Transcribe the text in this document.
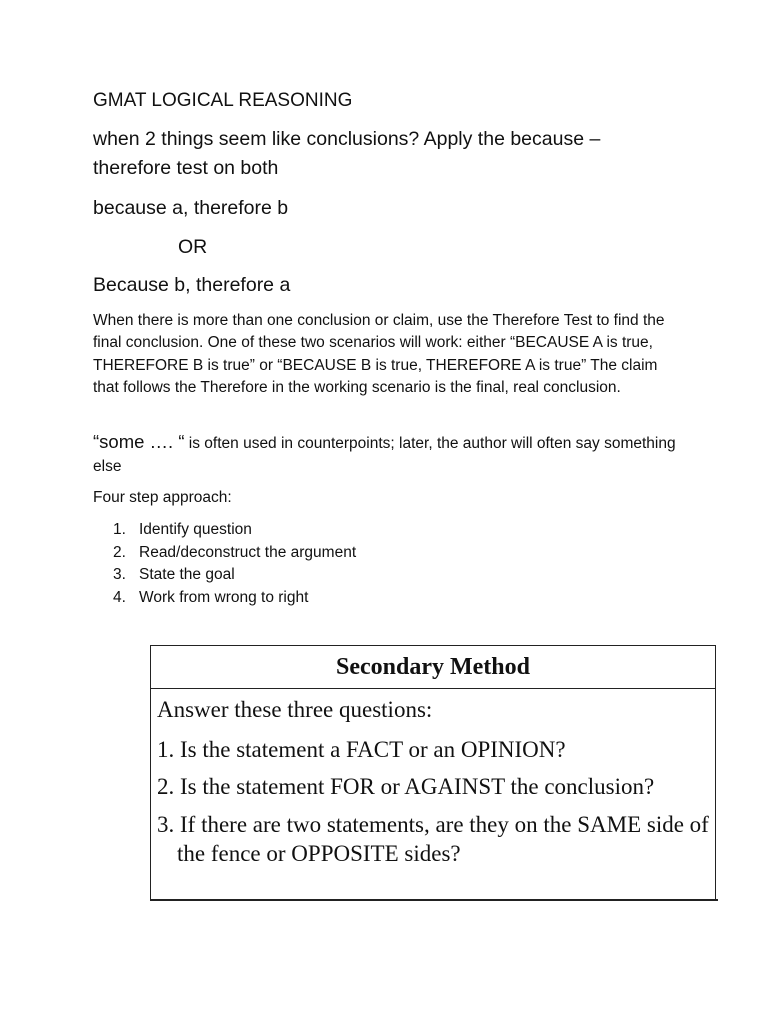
GMAT LOGICAL REASONING

when 2 things seem like conclusions? Apply the because – therefore test on both

because a, therefore b

OR

Because b, therefore a

When there is more than one conclusion or claim, use the Therefore Test to find the final conclusion. One of these two scenarios will work: either “BECAUSE A is true, THEREFORE B is true” or “BECAUSE B is true, THEREFORE A is true” The claim that follows the Therefore in the working scenario is the final, real conclusion.

“some …. “ is often used in counterpoints; later, the author will often say something else

Four step approach:

1. Identify question
2. Read/deconstruct the argument
3. State the goal
4. Work from wrong to right
Secondary Method

Answer these three questions:

1. Is the statement a FACT or an OPINION?

2. Is the statement FOR or AGAINST the conclusion?

3. If there are two statements, are they on the SAME side of the fence or OPPOSITE sides?
